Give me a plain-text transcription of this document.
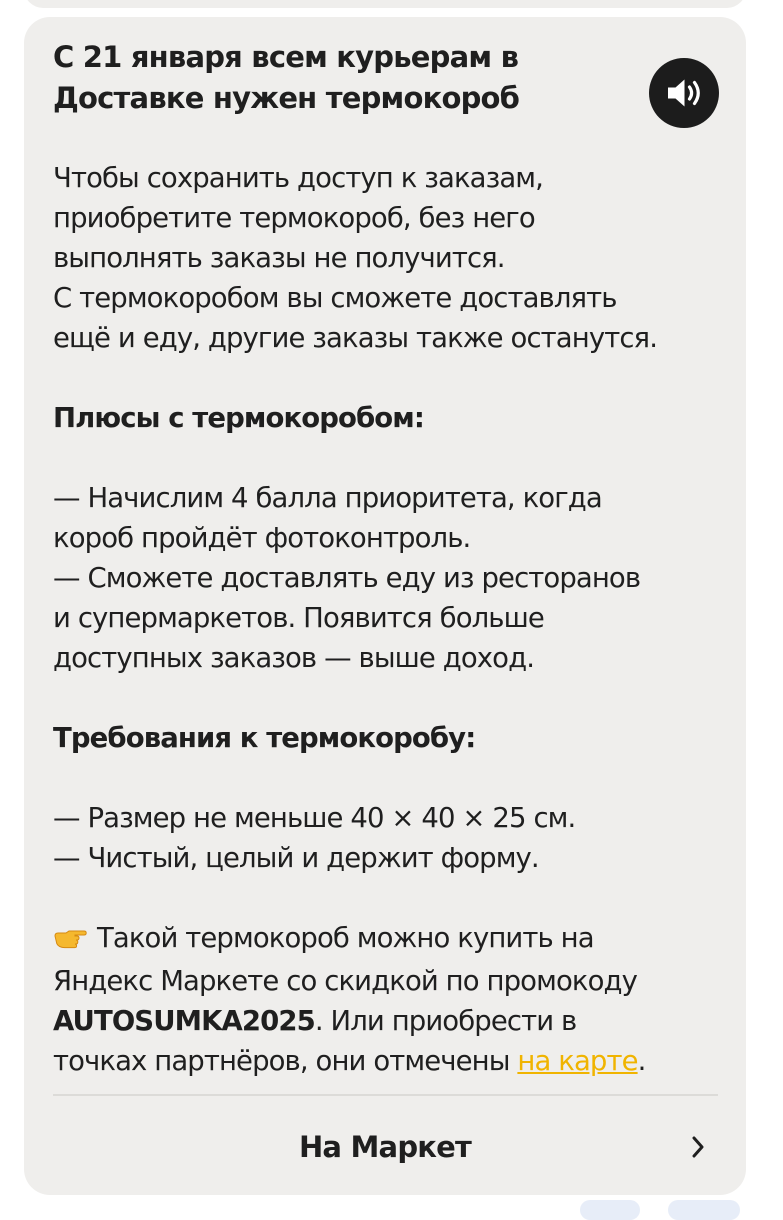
С 21 января всем курьерам в
Доставке нужен термокороб
Чтобы сохранить доступ к заказам,
приобретите термокороб, без него
выполнять заказы не получится.
С термокоробом вы сможете доставлять
ещё и еду, другие заказы также останутся.
Плюсы с термокоробом:
— Начислим 4 балла приоритета, когда
короб пройдёт фотоконтроль.
— Сможете доставлять еду из ресторанов
и супермаркетов. Появится больше
доступных заказов — выше доход.
Требования к термокоробу:
— Размер не меньше 40 × 40 × 25 см.
— Чистый, целый и держит форму.
Такой термокороб можно купить на
Яндекс Маркете со скидкой по промокоду
AUTOSUMKA2025. Или приобрести в
точках партнёров, они отмечены на карте.
На Маркет
